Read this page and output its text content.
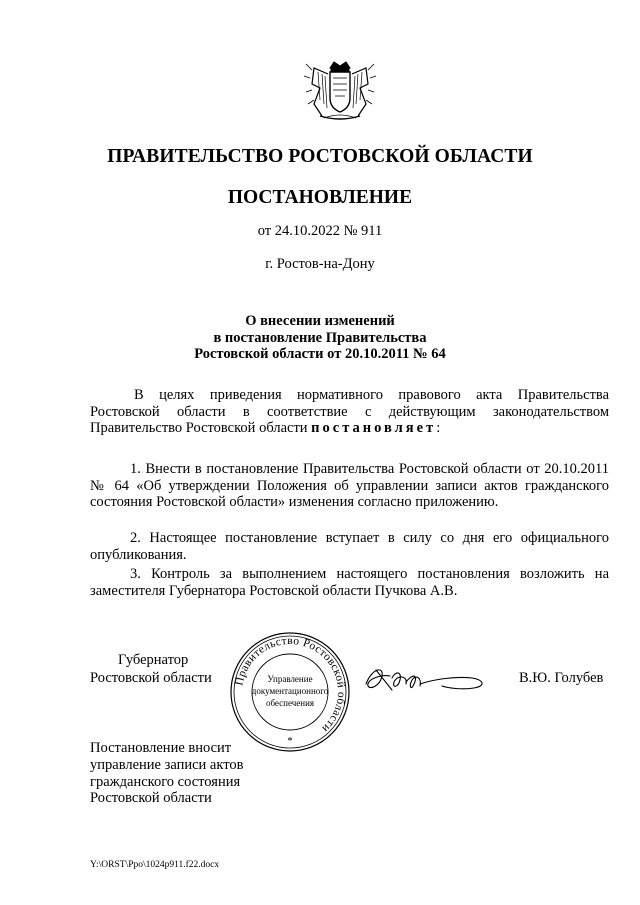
ПРАВИТЕЛЬСТВО РОСТОВСКОЙ ОБЛАСТИ
ПОСТАНОВЛЕНИЕ
от 24.10.2022 № 911
г. Ростов-на-Дону
О внесении изменений
в постановление Правительства
Ростовской области от 20.10.2011 № 64
В целях приведения нормативного правового акта Правительства Ростовской области в соответствие с действующим законодательством Правительство Ростовской области постановляет:
1. Внести в постановление Правительства Ростовской области от 20.10.2011 № 64 «Об утверждении Положения об управлении записи актов гражданского состояния Ростовской области» изменения согласно приложению.
2. Настоящее постановление вступает в силу со дня его официального опубликования.
3. Контроль за выполнением настоящего постановления возложить на заместителя Губернатора Ростовской области Пучкова А.В.
Губернатор
Ростовской области	В.Ю. Голубев
Правительство Ростовской области
Управление
документационного
обеспечения
*
Постановление вносит
управление записи актов
гражданского состояния
Ростовской области
Y:\ORST\Ppo\1024p911.f22.docx
